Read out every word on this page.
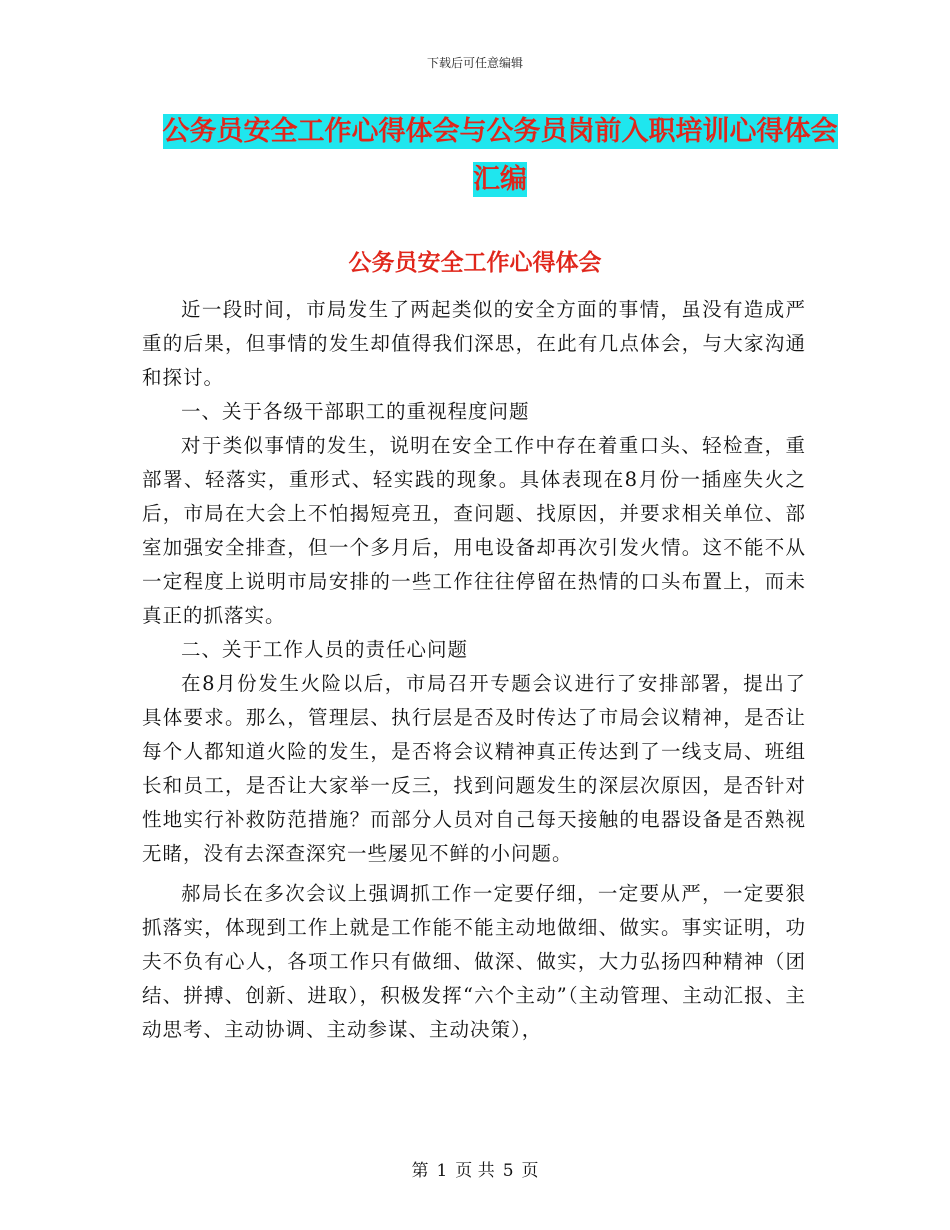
下载后可任意编辑
公务员安全工作心得体会与公务员岗前入职培训心得体会汇编
公务员安全工作心得体会

近一段时间，市局发生了两起类似的安全方面的事情，虽没有造成严重的后果，但事情的发生却值得我们深思，在此有几点体会，与大家沟通和探讨。

一、关于各级干部职工的重视程度问题

对于类似事情的发生，说明在安全工作中存在着重口头、轻检查，重部署、轻落实，重形式、轻实践的现象。具体表现在8月份一插座失火之后，市局在大会上不怕揭短亮丑，查问题、找原因，并要求相关单位、部室加强安全排查，但一个多月后，用电设备却再次引发火情。这不能不从一定程度上说明市局安排的一些工作往往停留在热情的口头布置上，而未真正的抓落实。

二、关于工作人员的责任心问题

在8月份发生火险以后，市局召开专题会议进行了安排部署，提出了具体要求。那么，管理层、执行层是否及时传达了市局会议精神，是否让每个人都知道火险的发生，是否将会议精神真正传达到了一线支局、班组长和员工，是否让大家举一反三，找到问题发生的深层次原因，是否针对性地实行补救防范措施？而部分人员对自己每天接触的电器设备是否熟视无睹，没有去深查深究一些屡见不鲜的小问题。

郝局长在多次会议上强调抓工作一定要仔细，一定要从严，一定要狠抓落实，体现到工作上就是工作能不能主动地做细、做实。事实证明，功夫不负有心人，各项工作只有做细、做深、做实，大力弘扬四种精神（团结、拼搏、创新、进取），积极发挥“六个主动”（主动管理、主动汇报、主动思考、主动协调、主动参谋、主动决策），

第 1 页 共 5 页
